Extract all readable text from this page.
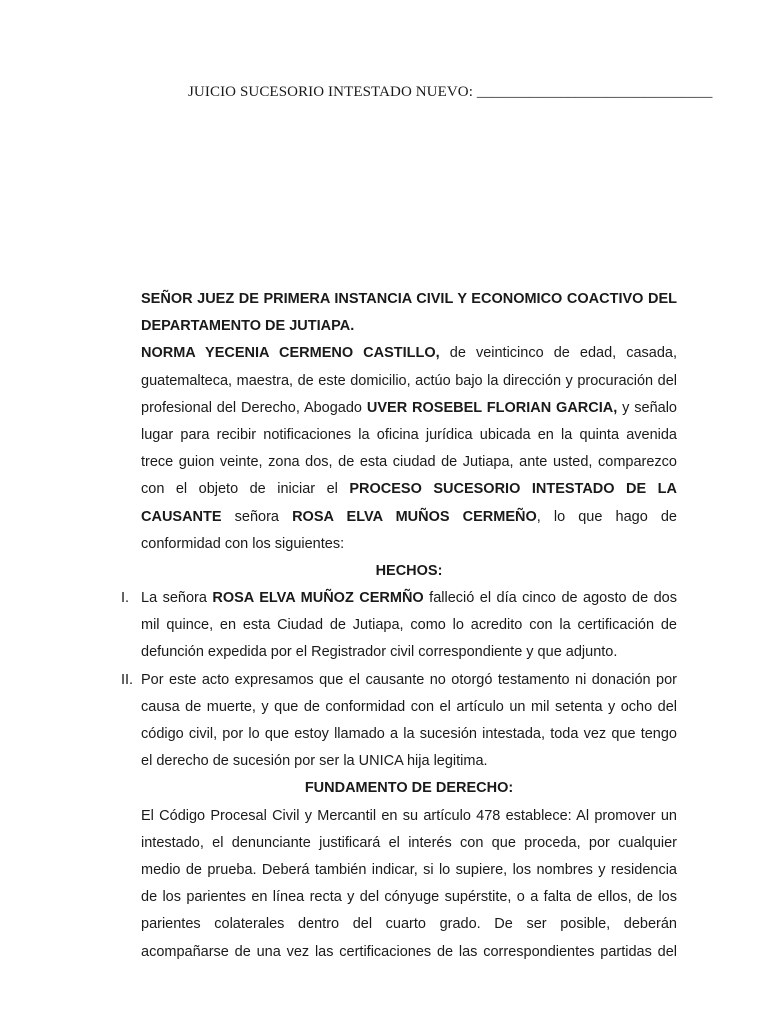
JUICIO SUCESORIO INTESTADO NUEVO: _______________________________
SEÑOR JUEZ DE PRIMERA INSTANCIA CIVIL Y ECONOMICO COACTIVO DEL
DEPARTAMENTO DE JUTIAPA.
NORMA YECENIA CERMENO CASTILLO, de veinticinco de edad, casada,
guatemalteca, maestra, de este domicilio, actúo bajo la dirección y procuración del
profesional del Derecho, Abogado UVER ROSEBEL FLORIAN GARCIA, y señalo
lugar para recibir notificaciones la oficina jurídica ubicada en la quinta avenida
trece guion veinte, zona dos, de esta ciudad de Jutiapa, ante usted, comparezco
con el objeto de iniciar el PROCESO SUCESORIO INTESTADO DE LA
CAUSANTE señora ROSA ELVA MUÑOS CERMEÑO, lo que hago de
conformidad con los siguientes:
HECHOS:
I. La señora ROSA ELVA MUÑOZ CERMÑO falleció el día cinco de agosto de dos
mil quince, en esta Ciudad de Jutiapa, como lo acredito con la certificación de
defunción expedida por el Registrador civil correspondiente y que adjunto.
II. Por este acto expresamos que el causante no otorgó testamento ni donación por
causa de muerte, y que de conformidad con el artículo un mil setenta y ocho del
código civil, por lo que estoy llamado a la sucesión intestada, toda vez que tengo
el derecho de sucesión por ser la UNICA hija legitima.
FUNDAMENTO DE DERECHO:
El Código Procesal Civil y Mercantil en su artículo 478 establece: Al promover un
intestado, el denunciante justificará el interés con que proceda, por cualquier
medio de prueba. Deberá también indicar, si lo supiere, los nombres y residencia
de los parientes en línea recta y del cónyuge supérstite, o a falta de ellos, de los
parientes colaterales dentro del cuarto grado. De ser posible, deberán
acompañarse de una vez las certificaciones de las correspondientes partidas del
